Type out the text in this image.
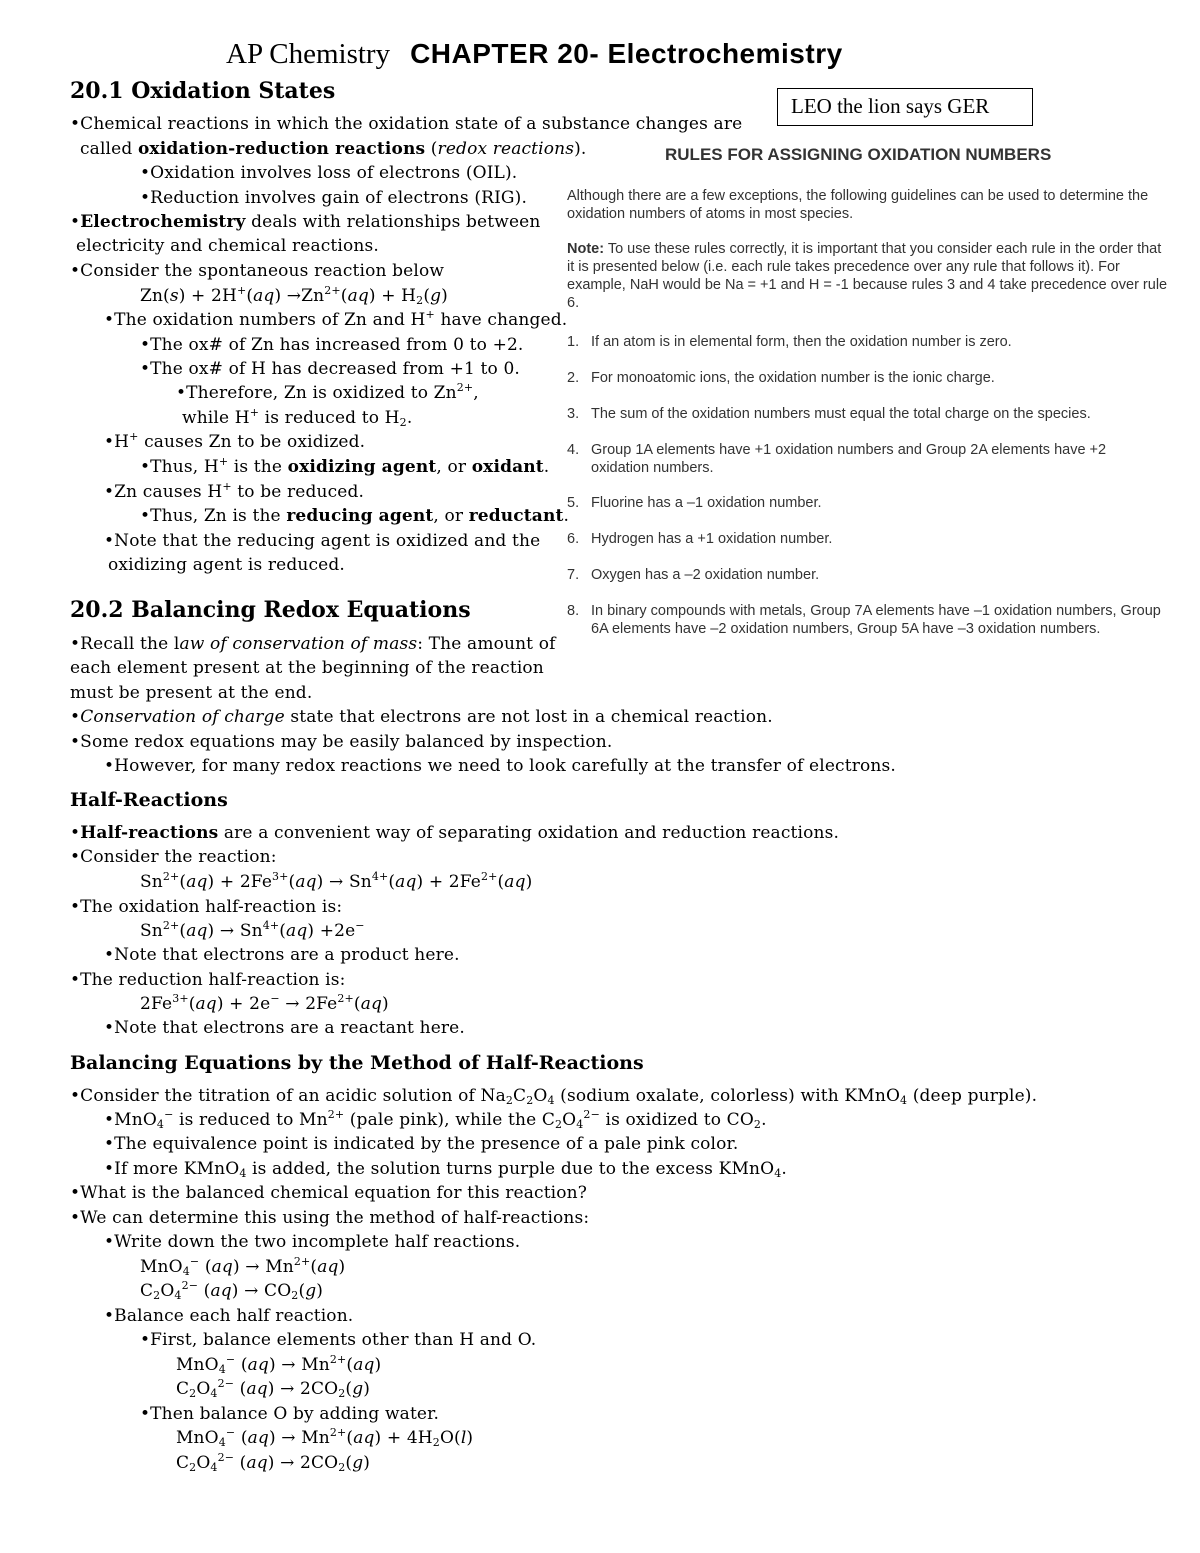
AP Chemistry CHAPTER 20- Electrochemistry
LEO the lion says GER
20.1 Oxidation States
•Chemical reactions in which the oxidation state of a substance changes are
called oxidation-reduction reactions (redox reactions).
•Oxidation involves loss of electrons (OIL).
•Reduction involves gain of electrons (RIG).
•Electrochemistry deals with relationships between
electricity and chemical reactions.
•Consider the spontaneous reaction below
$Zn(s) + 2H^+(aq) \to Zn^{2+}(aq) + H_2(g)$
•The oxidation numbers of Zn and H+ have changed.
•The ox# of Zn has increased from 0 to +2.
•The ox# of H has decreased from +1 to 0.
•Therefore, Zn is oxidized to $Zn^{2+}$,
while H+ is reduced to $H_2$.
•H+ causes Zn to be oxidized.
•Thus, H+ is the oxidizing agent, or oxidant.
•Zn causes H+ to be reduced.
•Thus, Zn is the reducing agent, or reductant.
•Note that the reducing agent is oxidized and the
oxidizing agent is reduced.
RULES FOR ASSIGNING OXIDATION NUMBERS
Although there are a few exceptions, the following guidelines can be used to determine the oxidation numbers of atoms in most species.
Note: To use these rules correctly, it is important that you consider each rule in the order that it is presented below (i.e. each rule takes precedence over any rule that follows it). For example, NaH would be Na = +1 and H = -1 because rules 3 and 4 take precedence over rule 6.
1. If an atom is in elemental form, then the oxidation number is zero.
2. For monoatomic ions, the oxidation number is the ionic charge.
3. The sum of the oxidation numbers must equal the total charge on the species.
4. Group 1A elements have +1 oxidation numbers and Group 2A elements have +2 oxidation numbers.
5. Fluorine has a –1 oxidation number.
6. Hydrogen has a +1 oxidation number.
7. Oxygen has a –2 oxidation number.
8. In binary compounds with metals, Group 7A elements have –1 oxidation numbers, Group 6A elements have –2 oxidation numbers, Group 5A have –3 oxidation numbers.
20.2 Balancing Redox Equations
•Recall the law of conservation of mass: The amount of
each element present at the beginning of the reaction
must be present at the end.
•Conservation of charge state that electrons are not lost in a chemical reaction.
•Some redox equations may be easily balanced by inspection.
•However, for many redox reactions we need to look carefully at the transfer of electrons.
Half-Reactions
•Half-reactions are a convenient way of separating oxidation and reduction reactions.
•Consider the reaction:
$Sn^{2+}(aq) + 2Fe^{3+}(aq) \to Sn^{4+}(aq) + 2Fe^{2+}(aq)$
•The oxidation half-reaction is:
$Sn^{2+}(aq) \to Sn^{4+}(aq) +2e^-$
•Note that electrons are a product here.
•The reduction half-reaction is:
$2Fe^{3+}(aq) + 2e^- \to 2Fe^{2+}(aq)$
•Note that electrons are a reactant here.
Balancing Equations by the Method of Half-Reactions
•Consider the titration of an acidic solution of $Na_2C_2O_4$ (sodium oxalate, colorless) with KMnO$_4$ (deep purple).
•MnO$_4$− is reduced to $Mn^{2+}$ (pale pink), while the $C_2O_4^{2-}$ is oxidized to $CO_2$.
•The equivalence point is indicated by the presence of a pale pink color.
•If more KMnO$_4$ is added, the solution turns purple due to the excess KMnO$_4$.
•What is the balanced chemical equation for this reaction?
•We can determine this using the method of half-reactions:
•Write down the two incomplete half reactions.
MnO$_4$− $(aq) \to Mn^{2+}(aq)$
$C_2O_4^{2-}$ $(aq) \to CO_2(g)$
•Balance each half reaction.
•First, balance elements other than H and O.
MnO$_4$− $(aq) \to Mn^{2+}(aq)$
$C_2O_4^{2-}$ $(aq) \to 2CO_2(g)$
•Then balance O by adding water.
MnO$_4$− $(aq) \to Mn^{2+}(aq) + 4H_2O(l)$
$C_2O_4^{2-}$ $(aq) \to 2CO_2(g)$
